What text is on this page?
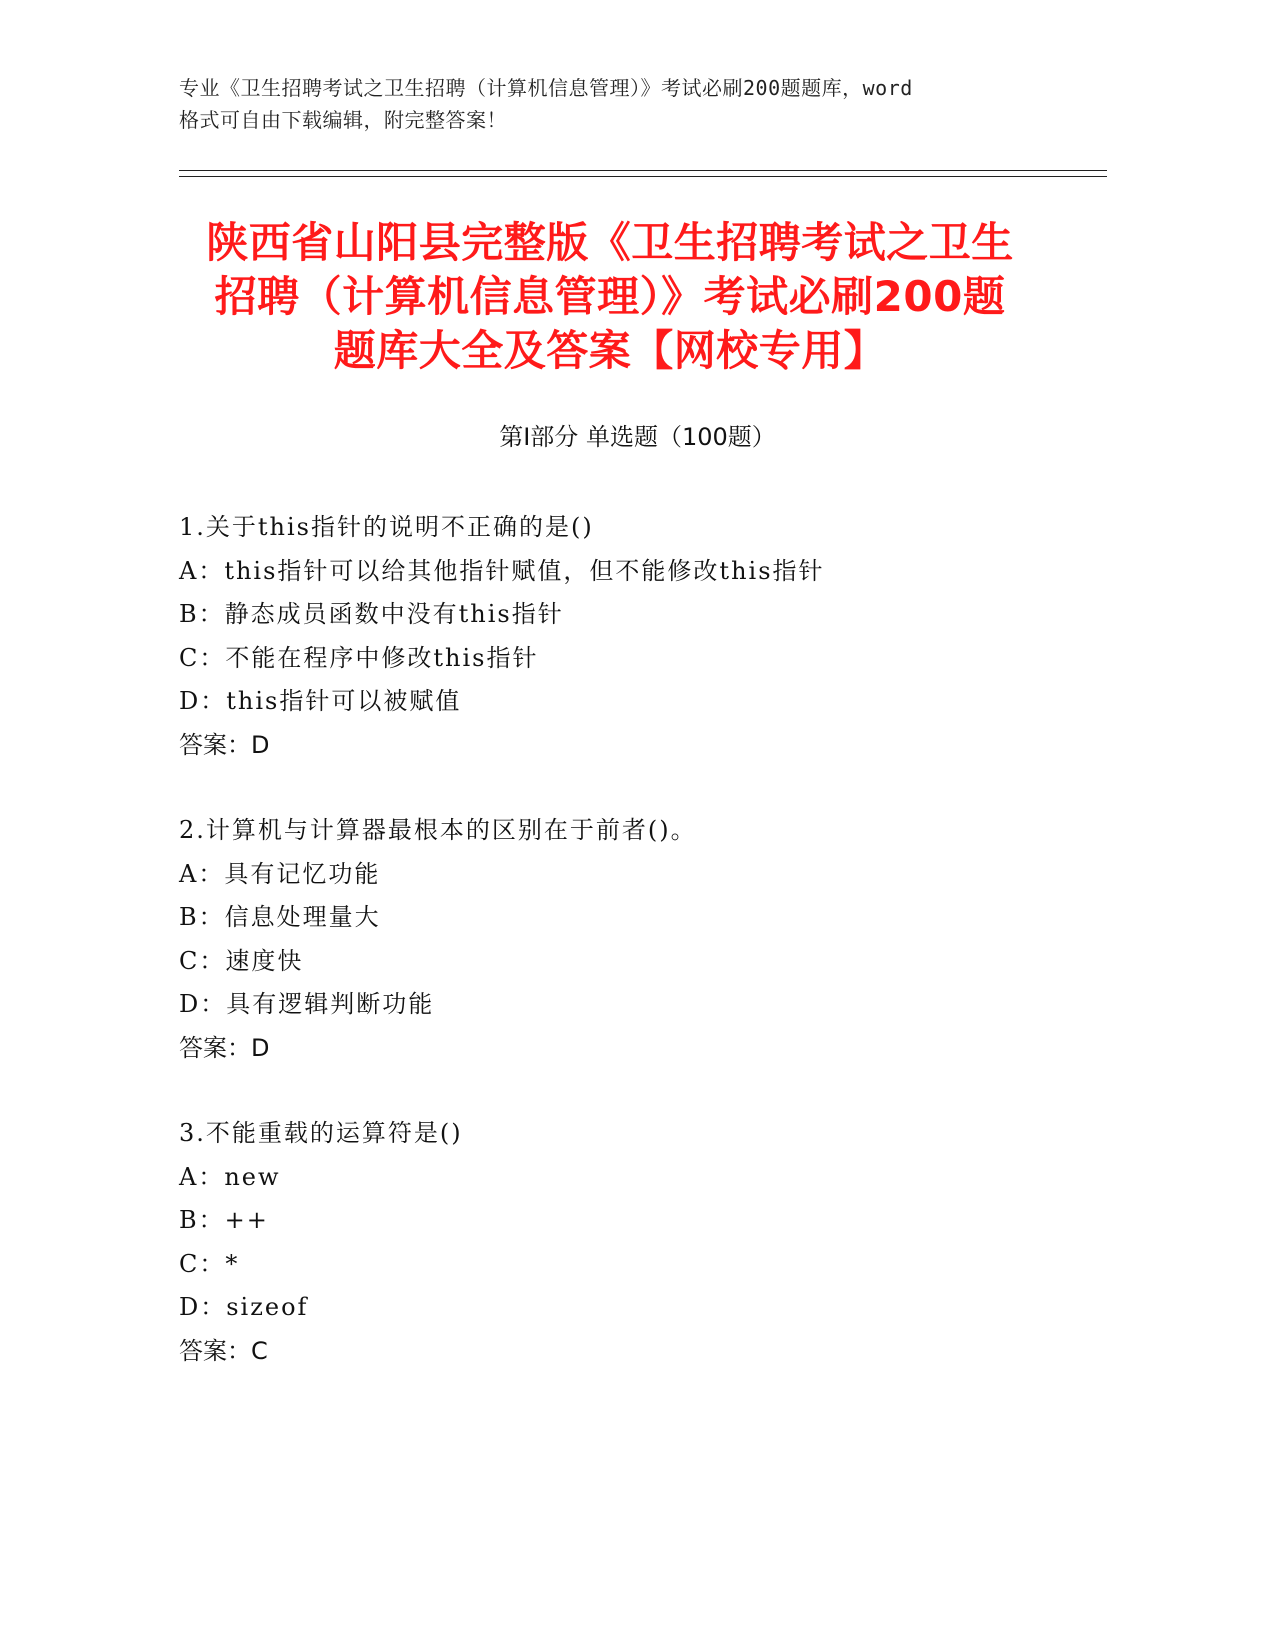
专业《卫生招聘考试之卫生招聘（计算机信息管理）》考试必刷200题题库，word
格式可自由下载编辑，附完整答案！
陕西省山阳县完整版《卫生招聘考试之卫生
招聘（计算机信息管理）》考试必刷200题
题库大全及答案【网校专用】
第Ⅰ部分 单选题（100题）
1.关于this指针的说明不正确的是()
A：this指针可以给其他指针赋值，但不能修改this指针
B：静态成员函数中没有this指针
C：不能在程序中修改this指针
D：this指针可以被赋值
答案：D
2.计算机与计算器最根本的区别在于前者()。
A：具有记忆功能
B：信息处理量大
C：速度快
D：具有逻辑判断功能
答案：D
3.不能重载的运算符是()
A：new
B：++
C：*
D：sizeof
答案：C
